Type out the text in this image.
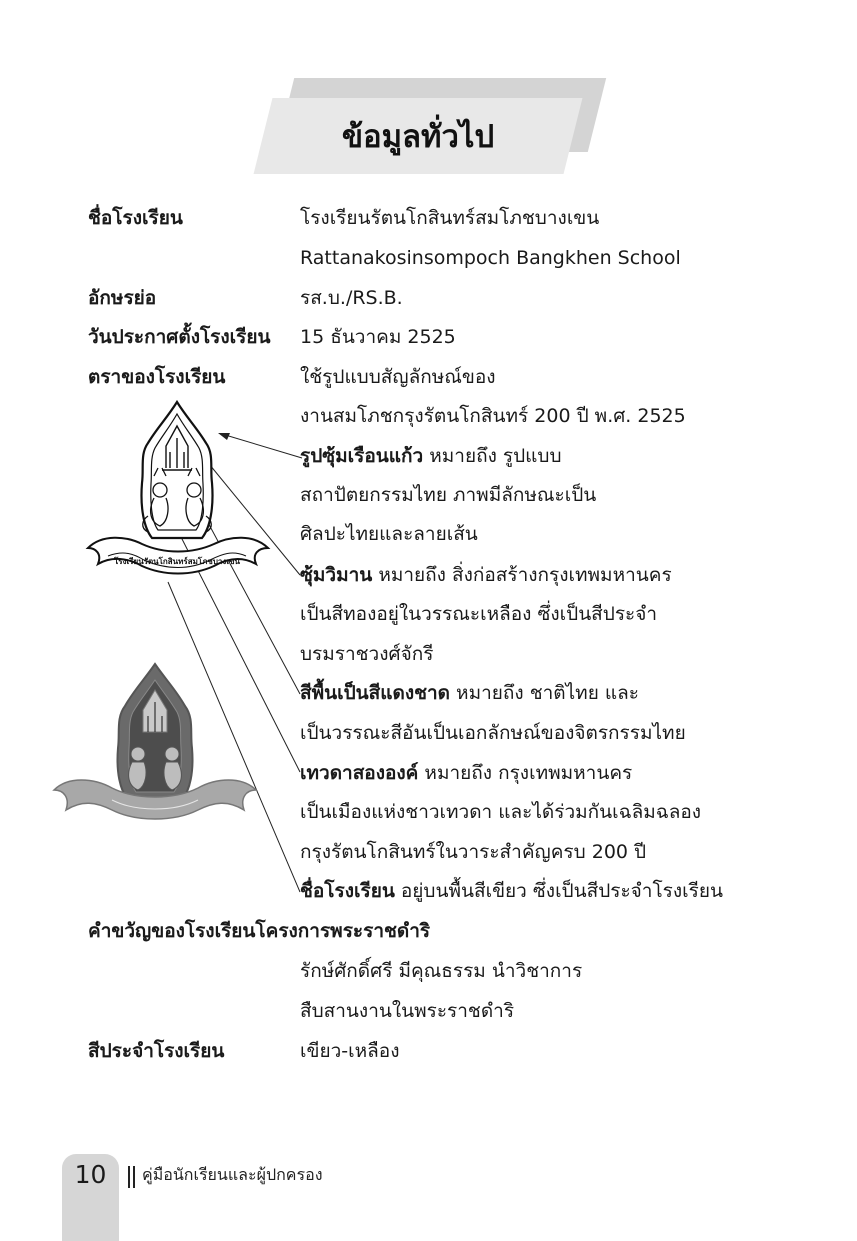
ข้อมูลทั่วไป
ชื่อโรงเรียน	โรงเรียนรัตนโกสินทร์สมโภชบางเขน
Rattanakosinsompoch Bangkhen School
อักษรย่อ	รส.บ./RS.B.
วันประกาศตั้งโรงเรียน 15 ธันวาคม 2525
ตราของโรงเรียน	ใช้รูปแบบสัญลักษณ์ของ
งานสมโภชกรุงรัตนโกสินทร์ 200 ปี พ.ศ. 2525
รูปซุ้มเรือนแก้ว หมายถึง รูปแบบ
สถาปัตยกรรมไทย ภาพมีลักษณะเป็น
ศิลปะไทยและลายเส้น
ซุ้มวิมาน หมายถึง สิ่งก่อสร้างกรุงเทพมหานคร
เป็นสีทองอยู่ในวรรณะเหลือง ซึ่งเป็นสีประจำ
บรมราชวงศ์จักรี
สีพื้นเป็นสีแดงชาด หมายถึง ชาติไทย และ
เป็นวรรณะสีอันเป็นเอกลักษณ์ของจิตรกรรมไทย
เทวดาสององค์ หมายถึง กรุงเทพมหานคร
เป็นเมืองแห่งชาวเทวดา และได้ร่วมกันเฉลิมฉลอง
กรุงรัตนโกสินทร์ในวาระสำคัญครบ 200 ปี
ชื่อโรงเรียน อยู่บนพื้นสีเขียว ซึ่งเป็นสีประจำโรงเรียน
คำขวัญของโรงเรียนโครงการพระราชดำริ
รักษ์ศักดิ์ศรี มีคุณธรรม นำวิชาการ
สืบสานงานในพระราชดำริ
สีประจำโรงเรียน	เขียว-เหลือง
โรงเรียนรัตนโกสินทร์สมโภชบางเขน
10	คู่มือนักเรียนและผู้ปกครอง
